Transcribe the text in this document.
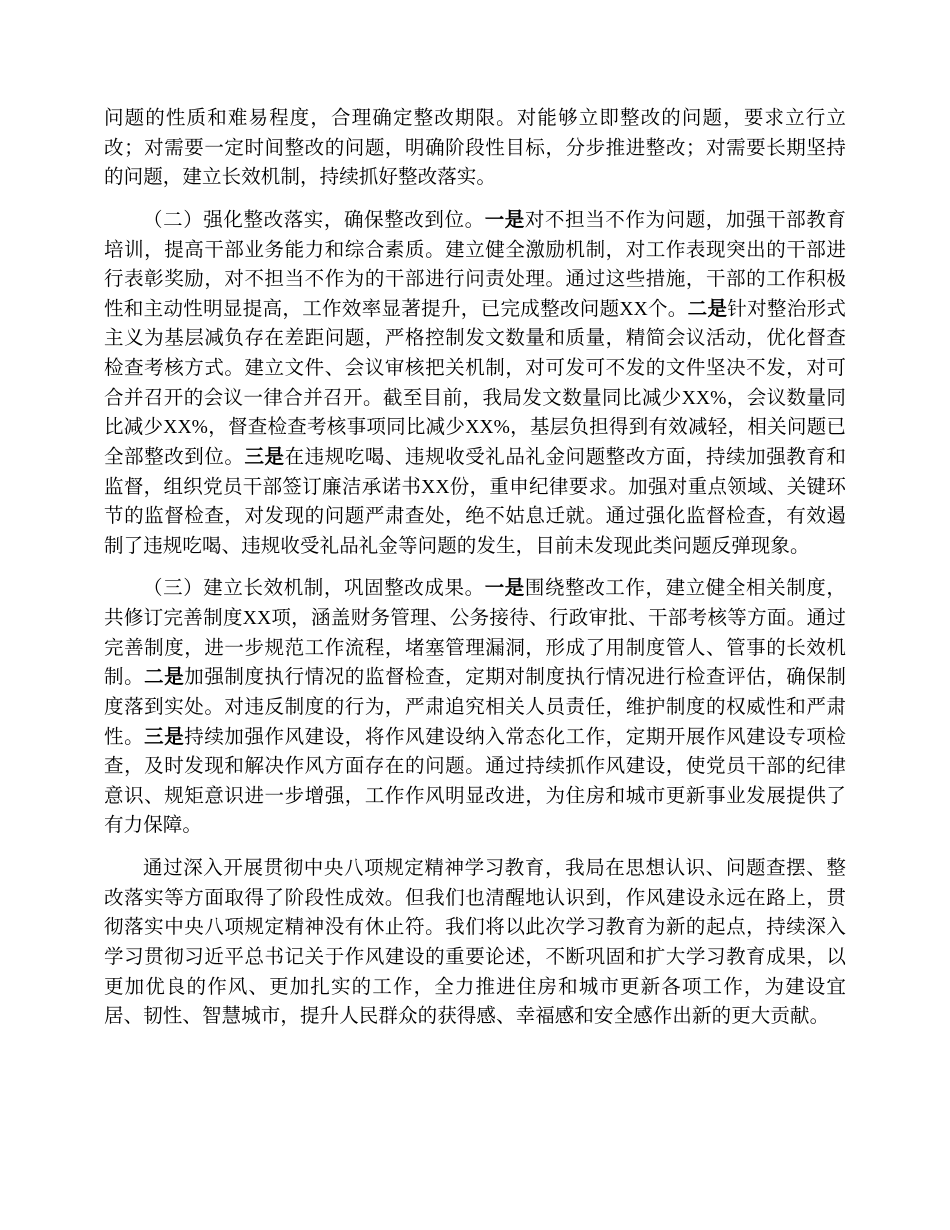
问题的性质和难易程度，合理确定整改期限。对能够立即整改的问题，要求立行立改；对需要一定时间整改的问题，明确阶段性目标，分步推进整改；对需要长期坚持的问题，建立长效机制，持续抓好整改落实。

（二）强化整改落实，确保整改到位。一是对不担当不作为问题，加强干部教育培训，提高干部业务能力和综合素质。建立健全激励机制，对工作表现突出的干部进行表彰奖励，对不担当不作为的干部进行问责处理。通过这些措施，干部的工作积极性和主动性明显提高，工作效率显著提升，已完成整改问题XX个。二是针对整治形式主义为基层减负存在差距问题，严格控制发文数量和质量，精简会议活动，优化督查检查考核方式。建立文件、会议审核把关机制，对可发可不发的文件坚决不发，对可合并召开的会议一律合并召开。截至目前，我局发文数量同比减少XX%，会议数量同比减少XX%，督查检查考核事项同比减少XX%，基层负担得到有效减轻，相关问题已全部整改到位。三是在违规吃喝、违规收受礼品礼金问题整改方面，持续加强教育和监督，组织党员干部签订廉洁承诺书XX份，重申纪律要求。加强对重点领域、关键环节的监督检查，对发现的问题严肃查处，绝不姑息迁就。通过强化监督检查，有效遏制了违规吃喝、违规收受礼品礼金等问题的发生，目前未发现此类问题反弹现象。

（三）建立长效机制，巩固整改成果。一是围绕整改工作，建立健全相关制度，共修订完善制度XX项，涵盖财务管理、公务接待、行政审批、干部考核等方面。通过完善制度，进一步规范工作流程，堵塞管理漏洞，形成了用制度管人、管事的长效机制。二是加强制度执行情况的监督检查，定期对制度执行情况进行检查评估，确保制度落到实处。对违反制度的行为，严肃追究相关人员责任，维护制度的权威性和严肃性。三是持续加强作风建设，将作风建设纳入常态化工作，定期开展作风建设专项检查，及时发现和解决作风方面存在的问题。通过持续抓作风建设，使党员干部的纪律意识、规矩意识进一步增强，工作作风明显改进，为住房和城市更新事业发展提供了有力保障。

通过深入开展贯彻中央八项规定精神学习教育，我局在思想认识、问题查摆、整改落实等方面取得了阶段性成效。但我们也清醒地认识到，作风建设永远在路上，贯彻落实中央八项规定精神没有休止符。我们将以此次学习教育为新的起点，持续深入学习贯彻习近平总书记关于作风建设的重要论述，不断巩固和扩大学习教育成果，以更加优良的作风、更加扎实的工作，全力推进住房和城市更新各项工作，为建设宜居、韧性、智慧城市，提升人民群众的获得感、幸福感和安全感作出新的更大贡献。
